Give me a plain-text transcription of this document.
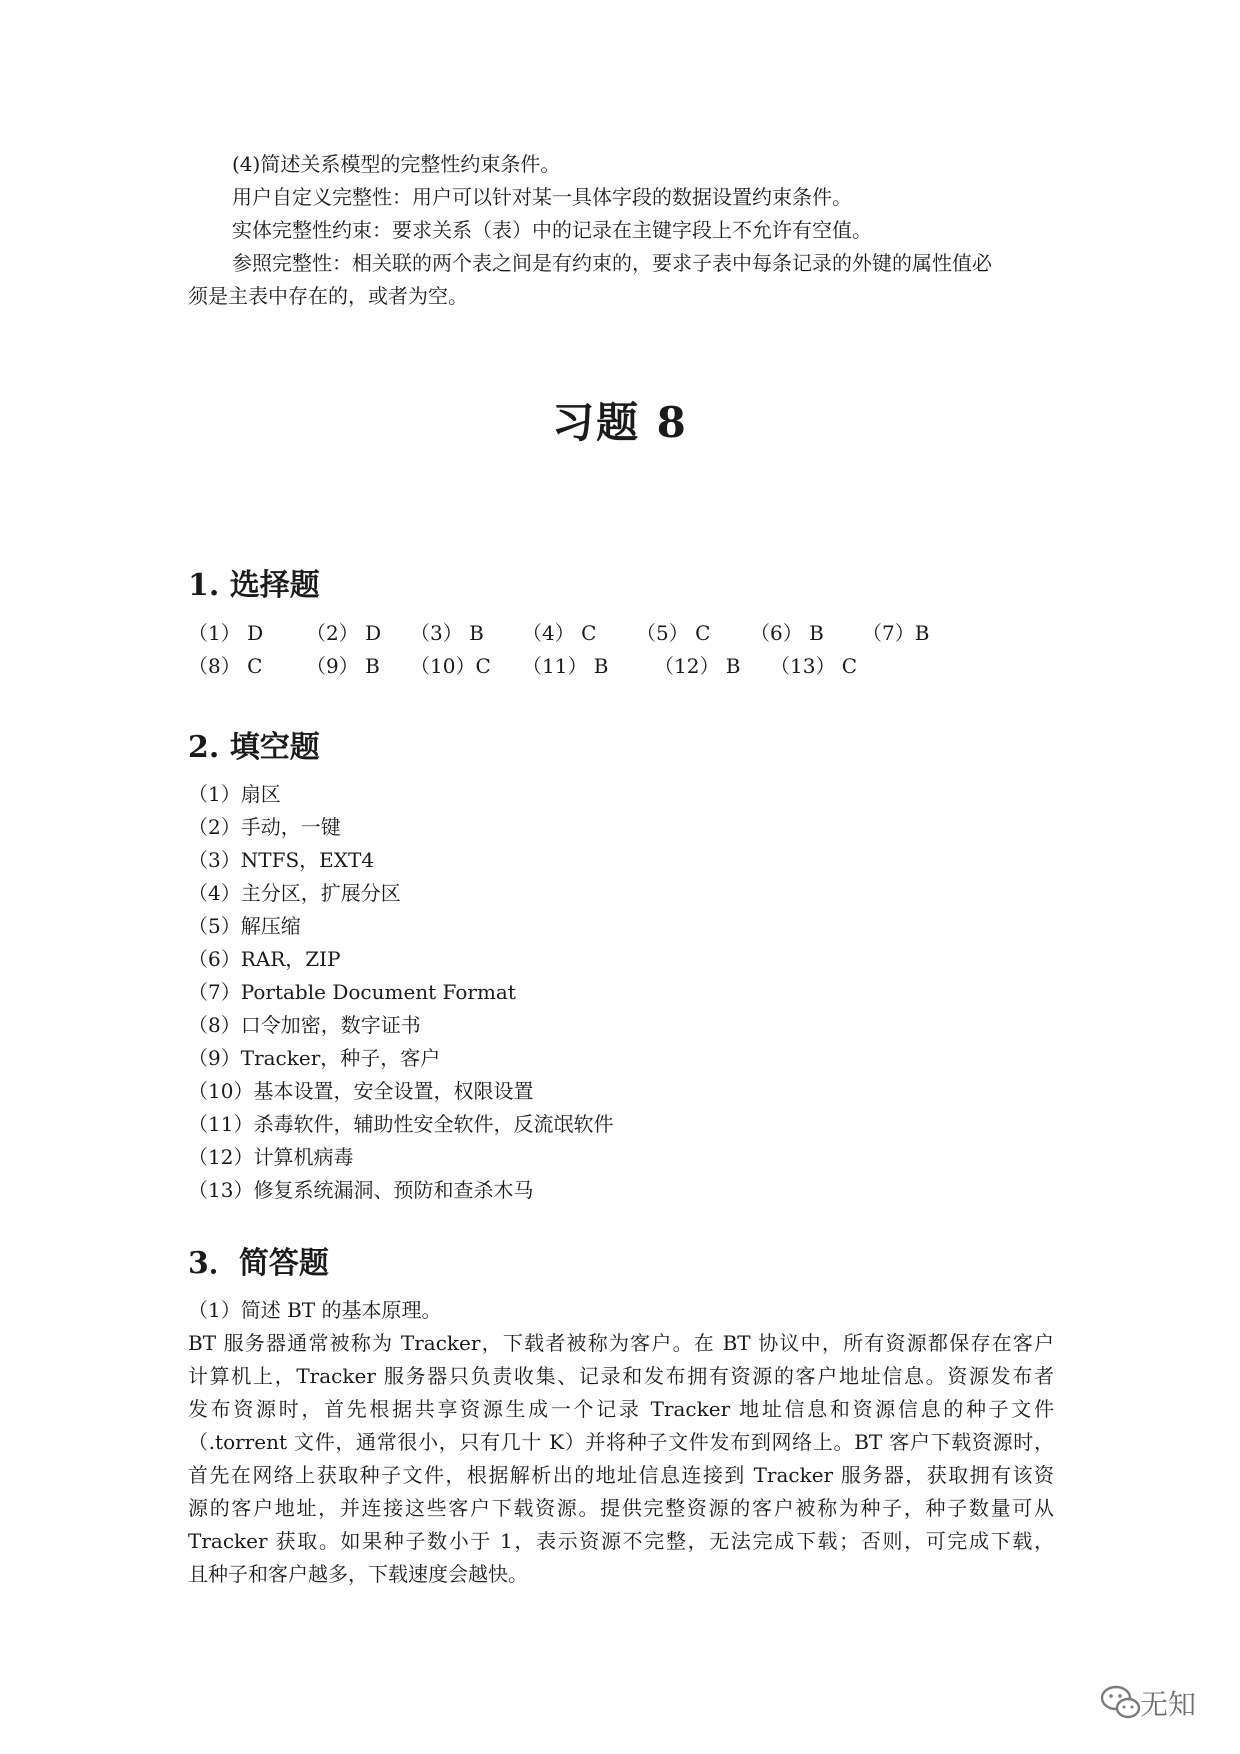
(4)简述关系模型的完整性约束条件。
用户自定义完整性：用户可以针对某一具体字段的数据设置约束条件。
实体完整性约束：要求关系（表）中的记录在主键字段上不允许有空值。
参照完整性：相关联的两个表之间是有约束的，要求子表中每条记录的外键的属性值必
须是主表中存在的，或者为空。
习题 8
1. 选择题
（1） D （2） D （3） B （4） C （5） C （6） B （7）B
（8） C （9） B （10）C （11） B （12） B （13） C
2. 填空题
（1）扇区
（2）手动，一键
（3）NTFS，EXT4
（4）主分区，扩展分区
（5）解压缩
（6）RAR，ZIP
（7）Portable Document Format
（8）口令加密，数字证书
（9）Tracker，种子，客户
（10）基本设置，安全设置，权限设置
（11）杀毒软件，辅助性安全软件，反流氓软件
（12）计算机病毒
（13）修复系统漏洞、预防和查杀木马
3．简答题
（1）简述 BT 的基本原理。
BT 服务器通常被称为 Tracker，下载者被称为客户。在 BT 协议中，所有资源都保存在客户
计算机上，Tracker 服务器只负责收集、记录和发布拥有资源的客户地址信息。资源发布者
发布资源时，首先根据共享资源生成一个记录 Tracker 地址信息和资源信息的种子文件
（.torrent 文件，通常很小，只有几十 K）并将种子文件发布到网络上。BT 客户下载资源时，
首先在网络上获取种子文件，根据解析出的地址信息连接到 Tracker 服务器，获取拥有该资
源的客户地址，并连接这些客户下载资源。提供完整资源的客户被称为种子，种子数量可从
Tracker 获取。如果种子数小于 1，表示资源不完整，无法完成下载；否则，可完成下载，
且种子和客户越多，下载速度会越快。
无知
